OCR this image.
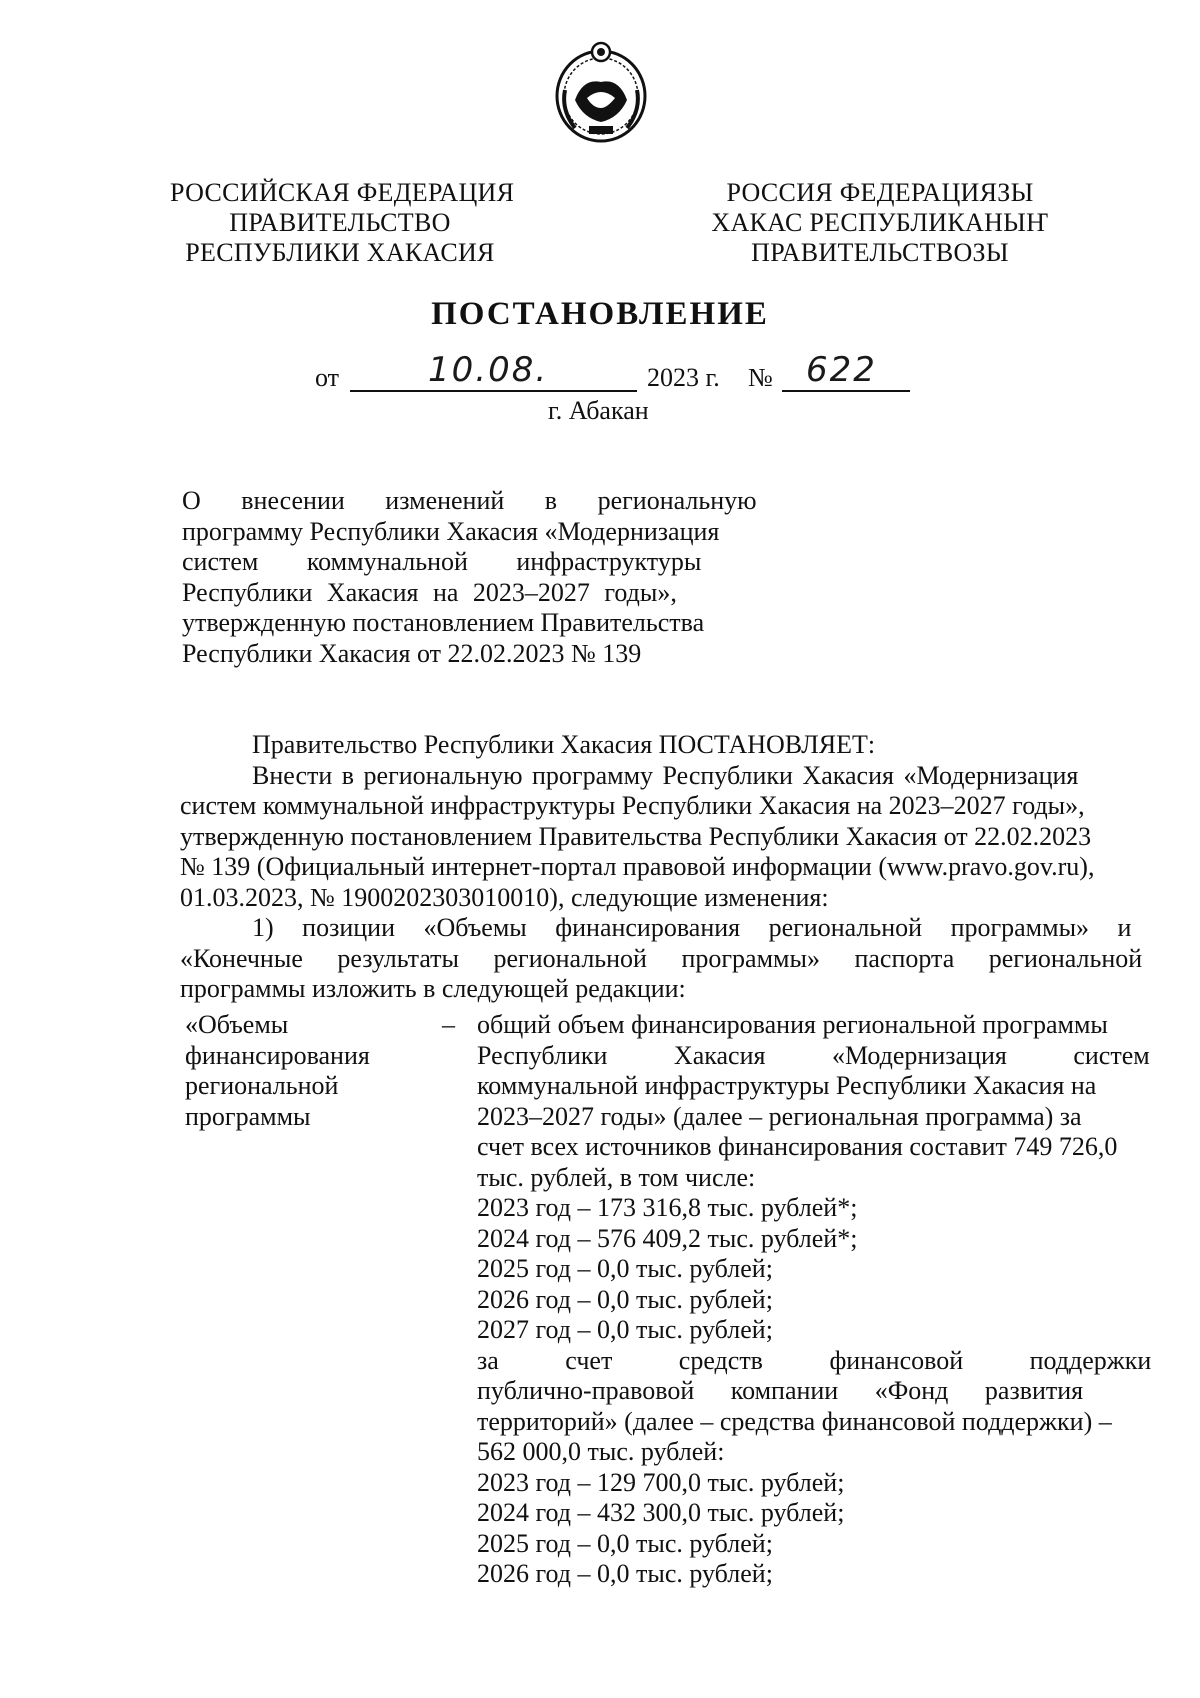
РОССИЙСКАЯ ФЕДЕРАЦИЯ
ПРАВИТЕЛЬСТВО
РЕСПУБЛИКИ ХАКАСИЯ
РОССИЯ ФЕДЕРАЦИЯЗЫ
ХАКАС РЕСПУБЛИКАНЫҤ
ПРАВИТЕЛЬСТВОЗЫ
ПОСТАНОВЛЕНИЕ
от	10.08.	2023 г. № 622
г. Абакан
О внесении изменений в региональную
программу Республики Хакасия «Модернизация
систем коммунальной инфраструктуры
Республики Хакасия на 2023–2027 годы»,
утвержденную постановлением Правительства
Республики Хакасия от 22.02.2023 № 139
Правительство Республики Хакасия ПОСТАНОВЛЯЕТ:
Внести в региональную программу Республики Хакасия «Модернизация
систем коммунальной инфраструктуры Республики Хакасия на 2023–2027 годы»,
утвержденную постановлением Правительства Республики Хакасия от 22.02.2023
№ 139 (Официальный интернет-портал правовой информации (www.pravo.gov.ru),
01.03.2023, № 1900202303010010), следующие изменения:
1) позиции «Объемы финансирования региональной программы» и
«Конечные результаты региональной программы» паспорта региональной
программы изложить в следующей редакции:
«Объемы
финансирования
региональной
программы
– общий объем финансирования региональной программы
Республики Хакасия «Модернизация систем
коммунальной инфраструктуры Республики Хакасия на
2023–2027 годы» (далее – региональная программа) за
счет всех источников финансирования составит 749 726,0
тыс. рублей, в том числе:
2023 год – 173 316,8 тыс. рублей*;
2024 год – 576 409,2 тыс. рублей*;
2025 год – 0,0 тыс. рублей;
2026 год – 0,0 тыс. рублей;
2027 год – 0,0 тыс. рублей;
за счет средств финансовой поддержки
публично-правовой компании «Фонд развития
территорий» (далее – средства финансовой поддержки) –
562 000,0 тыс. рублей:
2023 год – 129 700,0 тыс. рублей;
2024 год – 432 300,0 тыс. рублей;
2025 год – 0,0 тыс. рублей;
2026 год – 0,0 тыс. рублей;
